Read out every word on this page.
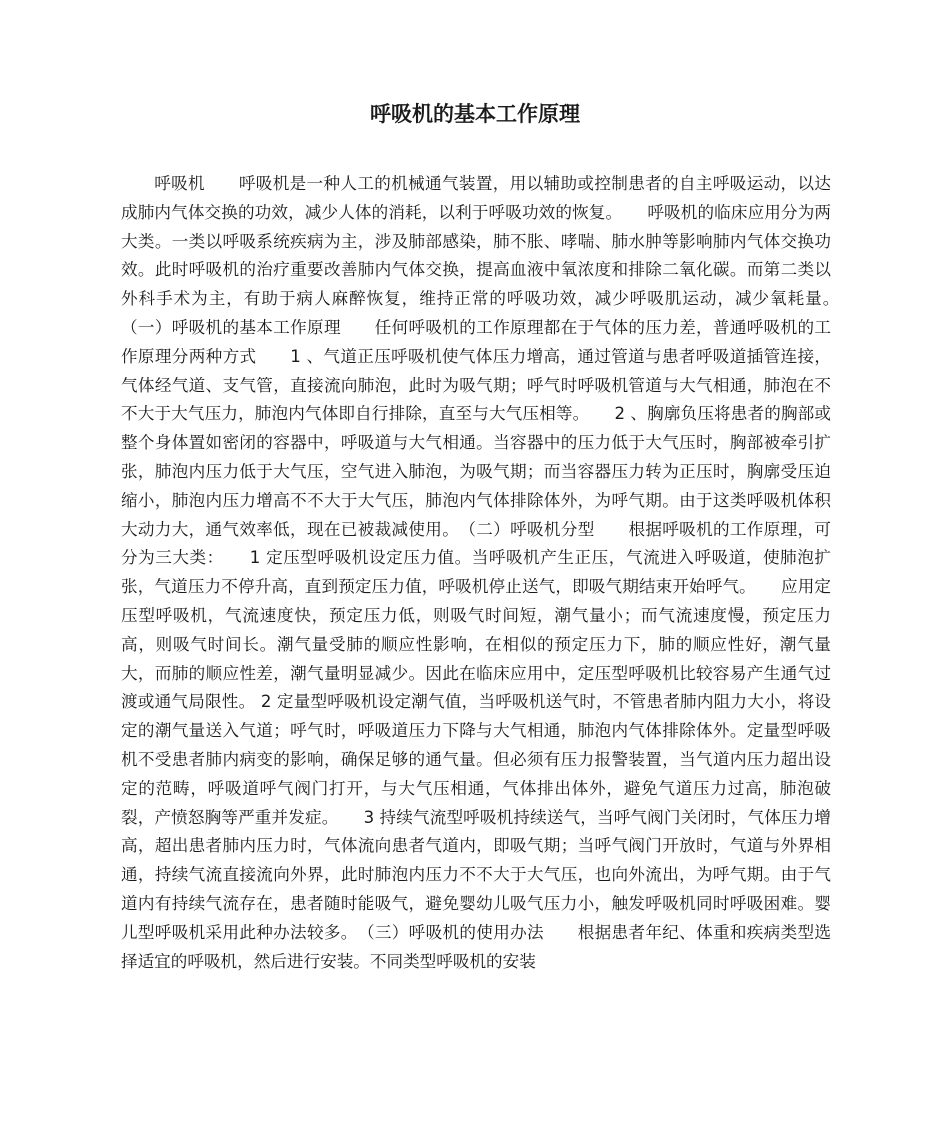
呼吸机的基本工作原理

呼吸机　　呼吸机是一种人工的机械通气装置，用以辅助或控制患者的自主呼吸运动，以达成肺内气体交换的功效，减少人体的消耗，以利于呼吸功效的恢复。　　呼吸机的临床应用分为两大类。一类以呼吸系统疾病为主，涉及肺部感染，肺不胀、哮喘、肺水肿等影响肺内气体交换功效。此时呼吸机的治疗重要改善肺内气体交换，提高血液中氧浓度和排除二氧化碳。而第二类以外科手术为主，有助于病人麻醉恢复，维持正常的呼吸功效，减少呼吸肌运动，减少氧耗量。　（一）呼吸机的基本工作原理　　任何呼吸机的工作原理都在于气体的压力差，普通呼吸机的工作原理分两种方式　　1 、气道正压呼吸机使气体压力增高，通过管道与患者呼吸道插管连接，气体经气道、支气管，直接流向肺泡，此时为吸气期；呼气时呼吸机管道与大气相通，肺泡在不不大于大气压力，肺泡内气体即自行排除，直至与大气压相等。　　2 、胸廓负压将患者的胸部或整个身体置如密闭的容器中，呼吸道与大气相通。当容器中的压力低于大气压时，胸部被牵引扩张，肺泡内压力低于大气压，空气进入肺泡，为吸气期；而当容器压力转为正压时，胸廓受压迫缩小，肺泡内压力增高不不大于大气压，肺泡内气体排除体外，为呼气期。由于这类呼吸机体积大动力大，通气效率低，现在已被裁减使用。　（二）呼吸机分型　　根据呼吸机的工作原理，可分为三大类：　　1 定压型呼吸机设定压力值。当呼吸机产生正压，气流进入呼吸道，使肺泡扩张，气道压力不停升高，直到预定压力值，呼吸机停止送气，即吸气期结束开始呼气。　　应用定压型呼吸机，气流速度快，预定压力低，则吸气时间短，潮气量小；而气流速度慢，预定压力高，则吸气时间长。潮气量受肺的顺应性影响，在相似的预定压力下，肺的顺应性好，潮气量大，而肺的顺应性差，潮气量明显减少。因此在临床应用中，定压型呼吸机比较容易产生通气过渡或通气局限性。 2 定量型呼吸机设定潮气值，当呼吸机送气时，不管患者肺内阻力大小，将设定的潮气量送入气道；呼气时，呼吸道压力下降与大气相通，肺泡内气体排除体外。定量型呼吸机不受患者肺内病变的影响，确保足够的通气量。但必须有压力报警装置，当气道内压力超出设定的范畴，呼吸道呼气阀门打开，与大气压相通，气体排出体外，避免气道压力过高，肺泡破裂，产愤怒胸等严重并发症。　　3 持续气流型呼吸机持续送气，当呼气阀门关闭时，气体压力增高，超出患者肺内压力时，气体流向患者气道内，即吸气期；当呼气阀门开放时，气道与外界相通，持续气流直接流向外界，此时肺泡内压力不不大于大气压，也向外流出，为呼气期。由于气道内有持续气流存在，患者随时能吸气，避免婴幼儿吸气压力小，触发呼吸机同时呼吸困难。婴儿型呼吸机采用此种办法较多。　（三）呼吸机的使用办法　　根据患者年纪、体重和疾病类型选择适宜的呼吸机，然后进行安装。不同类型呼吸机的安装
